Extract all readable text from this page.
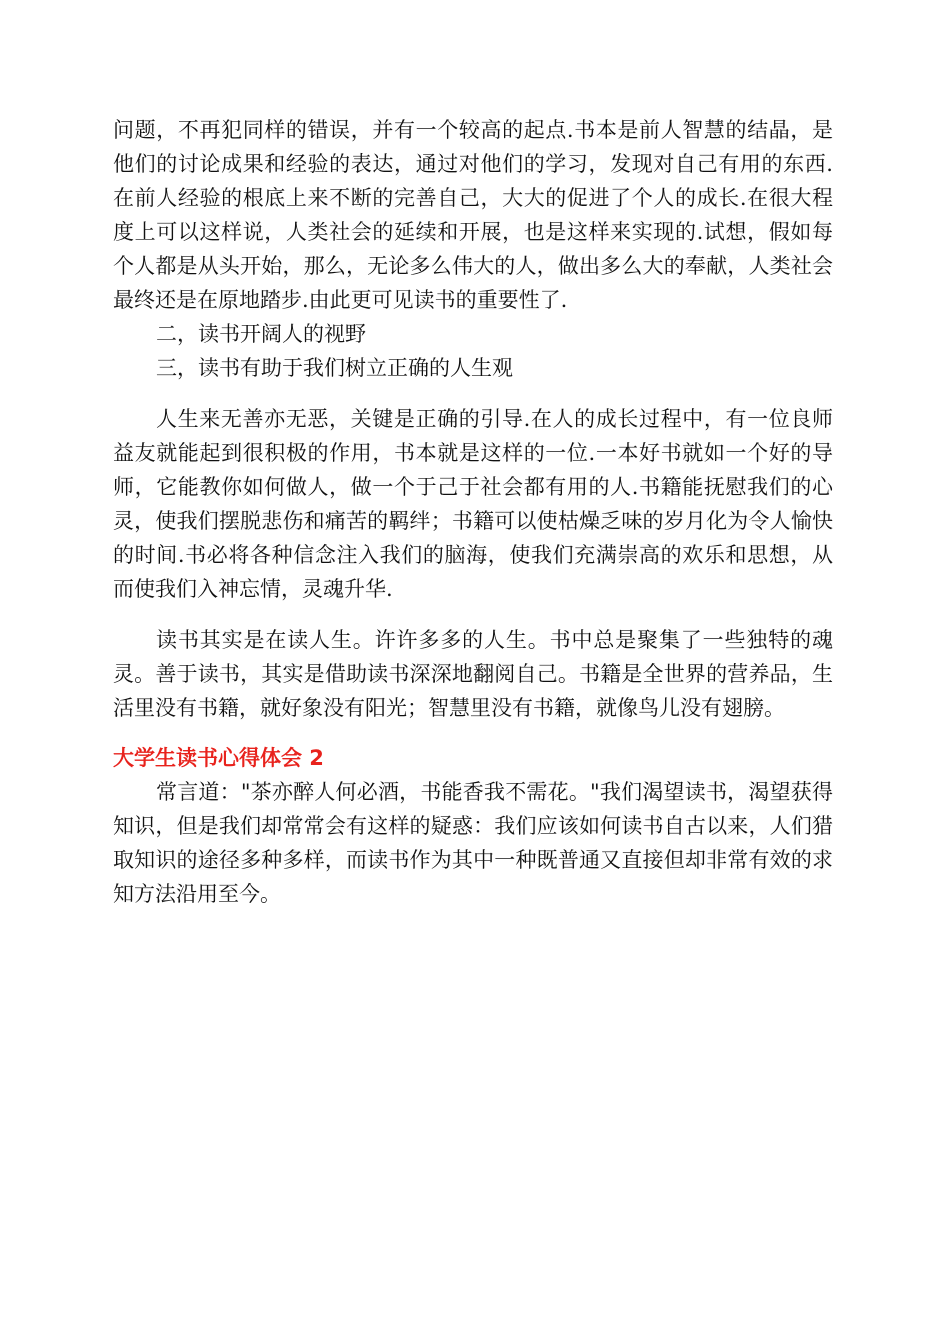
问题，不再犯同样的错误，并有一个较高的起点.书本是前人智慧的结晶，是他们的讨论成果和经验的表达，通过对他们的学习，发现对自己有用的东西.在前人经验的根底上来不断的完善自己，大大的促进了个人的成长.在很大程度上可以这样说，人类社会的延续和开展，也是这样来实现的.试想，假如每个人都是从头开始，那么，无论多么伟大的人，做出多么大的奉献，人类社会最终还是在原地踏步.由此更可见读书的重要性了.

二，读书开阔人的视野

三，读书有助于我们树立正确的人生观

人生来无善亦无恶，关键是正确的引导.在人的成长过程中，有一位良师益友就能起到很积极的作用，书本就是这样的一位.一本好书就如一个好的导师，它能教你如何做人，做一个于己于社会都有用的人.书籍能抚慰我们的心灵，使我们摆脱悲伤和痛苦的羁绊；书籍可以使枯燥乏味的岁月化为令人愉快的时间.书必将各种信念注入我们的脑海，使我们充满崇高的欢乐和思想，从而使我们入神忘情，灵魂升华.

读书其实是在读人生。许许多多的人生。书中总是聚集了一些独特的魂灵。善于读书，其实是借助读书深深地翻阅自己。书籍是全世界的营养品，生活里没有书籍，就好象没有阳光；智慧里没有书籍，就像鸟儿没有翅膀。

大学生读书心得体会 2

常言道："茶亦醉人何必酒，书能香我不需花。"我们渴望读书，渴望获得知识，但是我们却常常会有这样的疑惑：我们应该如何读书自古以来，人们猎取知识的途径多种多样，而读书作为其中一种既普通又直接但却非常有效的求知方法沿用至今。
